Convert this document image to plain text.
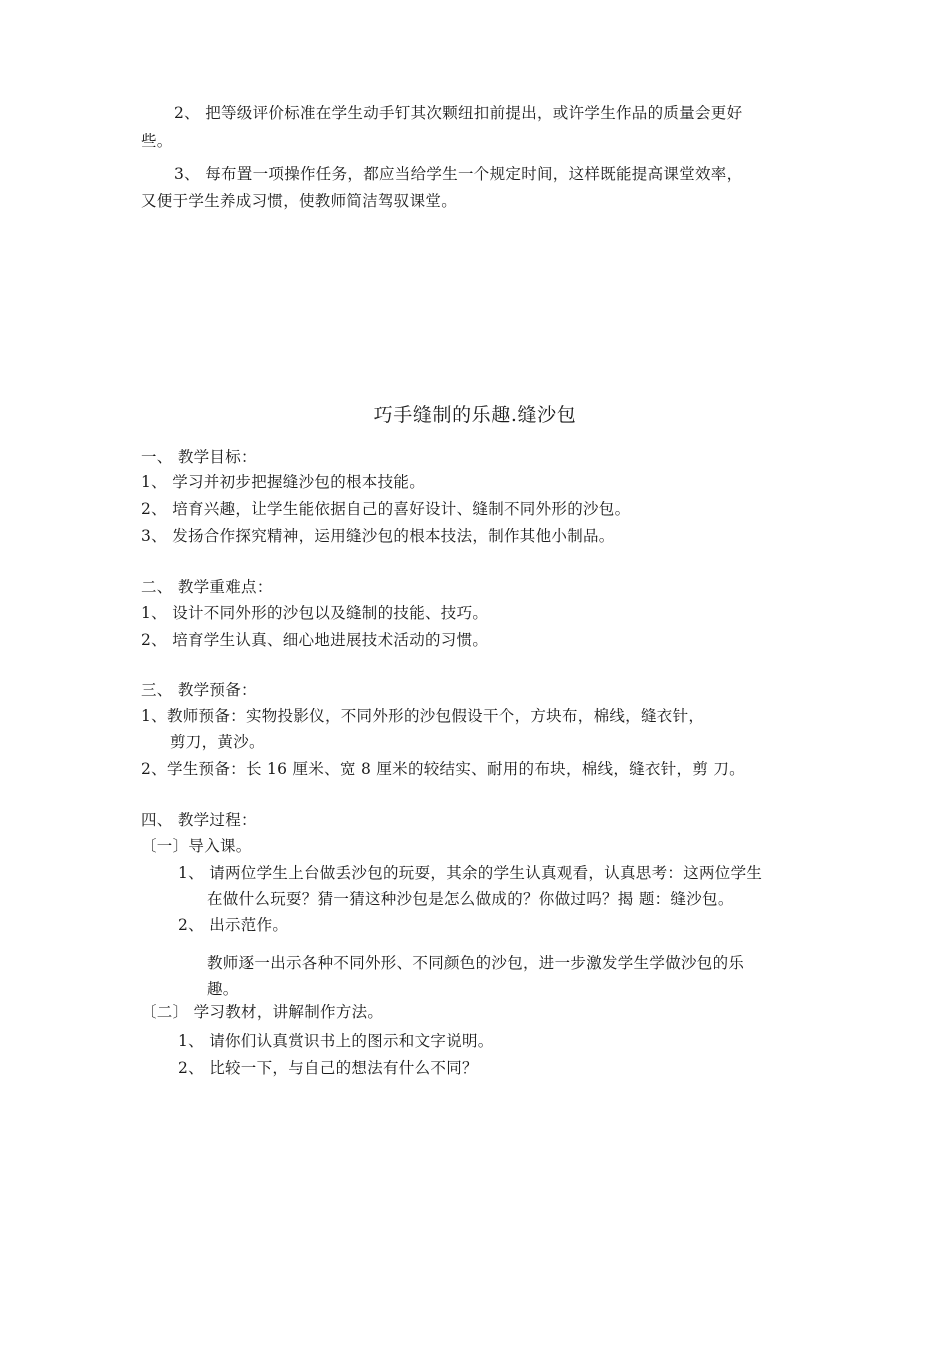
2、 把等级评价标准在学生动手钉其次颗纽扣前提出，或许学生作品的质量会更好
些。
3、 每布置一项操作任务，都应当给学生一个规定时间，这样既能提高课堂效率，
又便于学生养成习惯，使教师简洁驾驭课堂。
巧手缝制的乐趣.缝沙包
一、 教学目标：
1、 学习并初步把握缝沙包的根本技能。
2、 培育兴趣，让学生能依据自己的喜好设计、缝制不同外形的沙包。
3、 发扬合作探究精神，运用缝沙包的根本技法，制作其他小制品。
二、 教学重难点：
1、 设计不同外形的沙包以及缝制的技能、技巧。
2、 培育学生认真、细心地进展技术活动的习惯。
三、 教学预备：
1、教师预备：实物投影仪，不同外形的沙包假设干个，方块布，棉线，缝衣针，
剪刀，黄沙。
2、学生预备：长 16 厘米、宽 8 厘米的较结实、耐用的布块，棉线，缝衣针，剪 刀。
四、 教学过程：
〔一〕导入课。
1、 请两位学生上台做丢沙包的玩耍，其余的学生认真观看，认真思考：这两位学生
在做什么玩耍？猜一猜这种沙包是怎么做成的？你做过吗？揭 题：缝沙包。
2、 出示范作。
教师逐一出示各种不同外形、不同颜色的沙包，进一步激发学生学做沙包的乐
趣。
〔二〕 学习教材，讲解制作方法。
1、 请你们认真赏识书上的图示和文字说明。
2、 比较一下，与自己的想法有什么不同？
